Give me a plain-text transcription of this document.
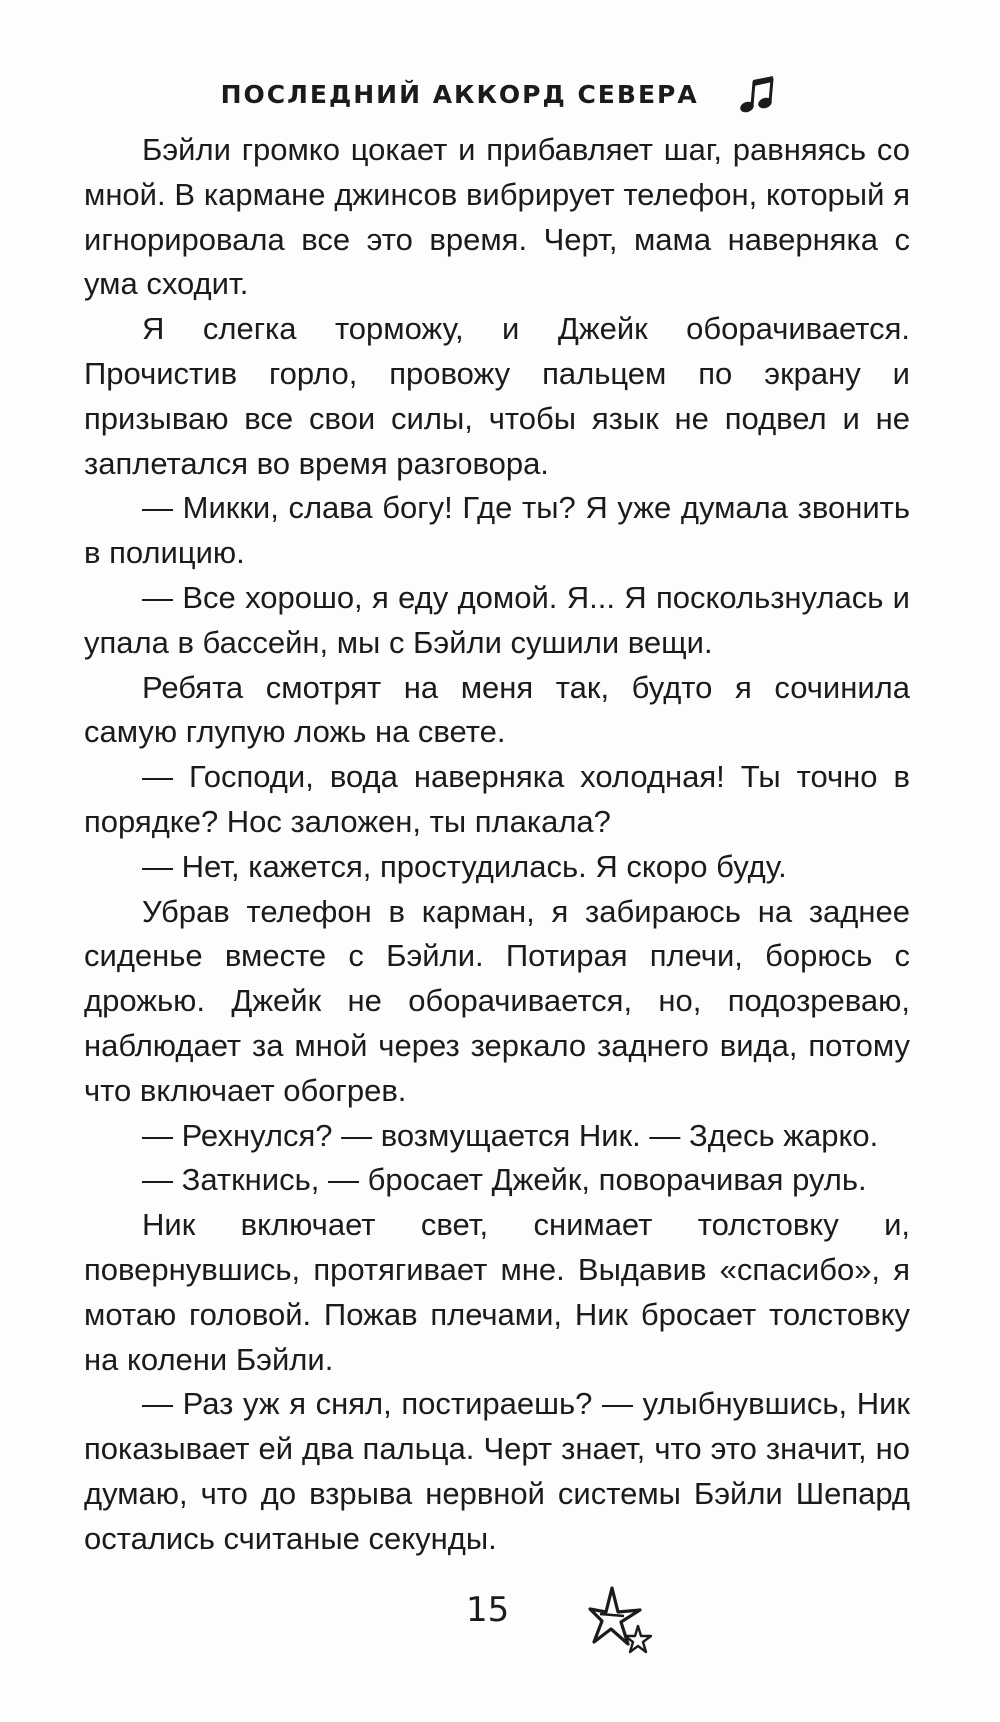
ПОСЛЕДНИЙ АККОРД СЕВЕРА

Бэйли громко цокает и прибавляет шаг, равняясь со мной. В кармане джинсов вибрирует телефон, который я игнорировала все это время. Черт, мама наверняка с ума сходит.

Я слегка торможу, и Джейк оборачивается. Прочистив горло, провожу пальцем по экрану и призываю все свои силы, чтобы язык не подвел и не заплетался во время разговора.

— Микки, слава богу! Где ты? Я уже думала звонить в полицию.

— Все хорошо, я еду домой. Я... Я поскользнулась и упала в бассейн, мы с Бэйли сушили вещи.

Ребята смотрят на меня так, будто я сочинила самую глупую ложь на свете.

— Господи, вода наверняка холодная! Ты точно в порядке? Нос заложен, ты плакала?

— Нет, кажется, простудилась. Я скоро буду.

Убрав телефон в карман, я забираюсь на заднее сиденье вместе с Бэйли. Потирая плечи, борюсь с дрожью. Джейк не оборачивается, но, подозреваю, наблюдает за мной через зеркало заднего вида, потому что включает обогрев.

— Рехнулся? — возмущается Ник. — Здесь жарко.

— Заткнись, — бросает Джейк, поворачивая руль.

Ник включает свет, снимает толстовку и, повернувшись, протягивает мне. Выдавив «спасибо», я мотаю головой. Пожав плечами, Ник бросает толстовку на колени Бэйли.

— Раз уж я снял, постираешь? — улыбнувшись, Ник показывает ей два пальца. Черт знает, что это значит, но думаю, что до взрыва нервной системы Бэйли Шепард остались считаные секунды.

15
